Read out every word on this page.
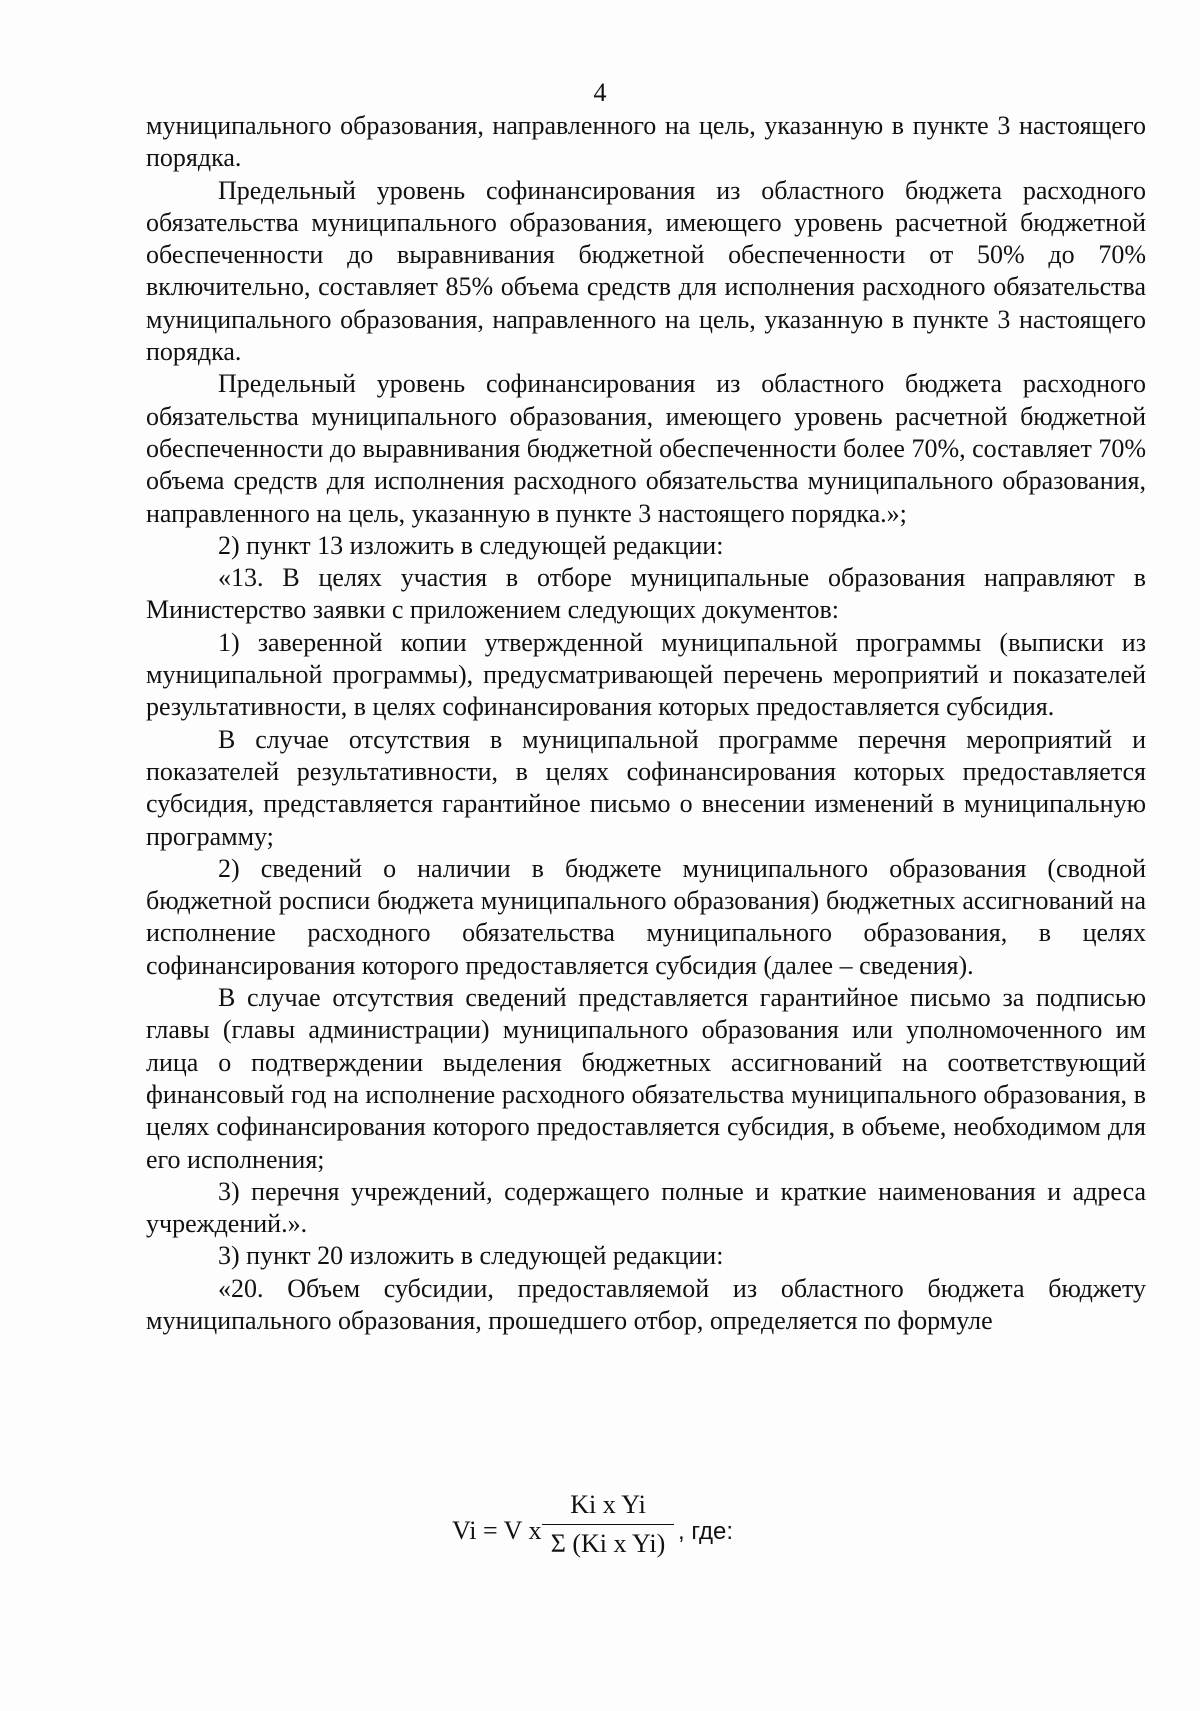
4

муниципального образования, направленного на цель, указанную в пункте 3 настоящего порядка.

Предельный уровень софинансирования из областного бюджета расходного обязательства муниципального образования, имеющего уровень расчетной бюджетной обеспеченности до выравнивания бюджетной обеспеченности от 50% до 70% включительно, составляет 85% объема средств для исполнения расходного обязательства муниципального образования, направленного на цель, указанную в пункте 3 настоящего порядка.

Предельный уровень софинансирования из областного бюджета расходного обязательства муниципального образования, имеющего уровень расчетной бюджетной обеспеченности до выравнивания бюджетной обеспеченности более 70%, составляет 70% объема средств для исполнения расходного обязательства муниципального образования, направленного на цель, указанную в пункте 3 настоящего порядка.»;

2) пункт 13 изложить в следующей редакции:

«13. В целях участия в отборе муниципальные образования направляют в Министерство заявки с приложением следующих документов:

1) заверенной копии утвержденной муниципальной программы (выписки из муниципальной программы), предусматривающей перечень мероприятий и показателей результативности, в целях софинансирования которых предоставляется субсидия.

В случае отсутствия в муниципальной программе перечня мероприятий и показателей результативности, в целях софинансирования которых предоставляется субсидия, представляется гарантийное письмо о внесении изменений в муниципальную программу;

2) сведений о наличии в бюджете муниципального образования (сводной бюджетной росписи бюджета муниципального образования) бюджетных ассигнований на исполнение расходного обязательства муниципального образования, в целях софинансирования которого предоставляется субсидия (далее – сведения).

В случае отсутствия сведений представляется гарантийное письмо за подписью главы (главы администрации) муниципального образования или уполномоченного им лица о подтверждении выделения бюджетных ассигнований на соответствующий финансовый год на исполнение расходного обязательства муниципального образования, в целях софинансирования которого предоставляется субсидия, в объеме, необходимом для его исполнения;

3) перечня учреждений, содержащего полные и краткие наименования и адреса учреждений.».

3) пункт 20 изложить в следующей редакции:

«20. Объем субсидии, предоставляемой из областного бюджета бюджету муниципального образования, прошедшего отбор, определяется по формуле

Vi = V x
Ki x Yi
Σ (Ki x Yi) , где:
